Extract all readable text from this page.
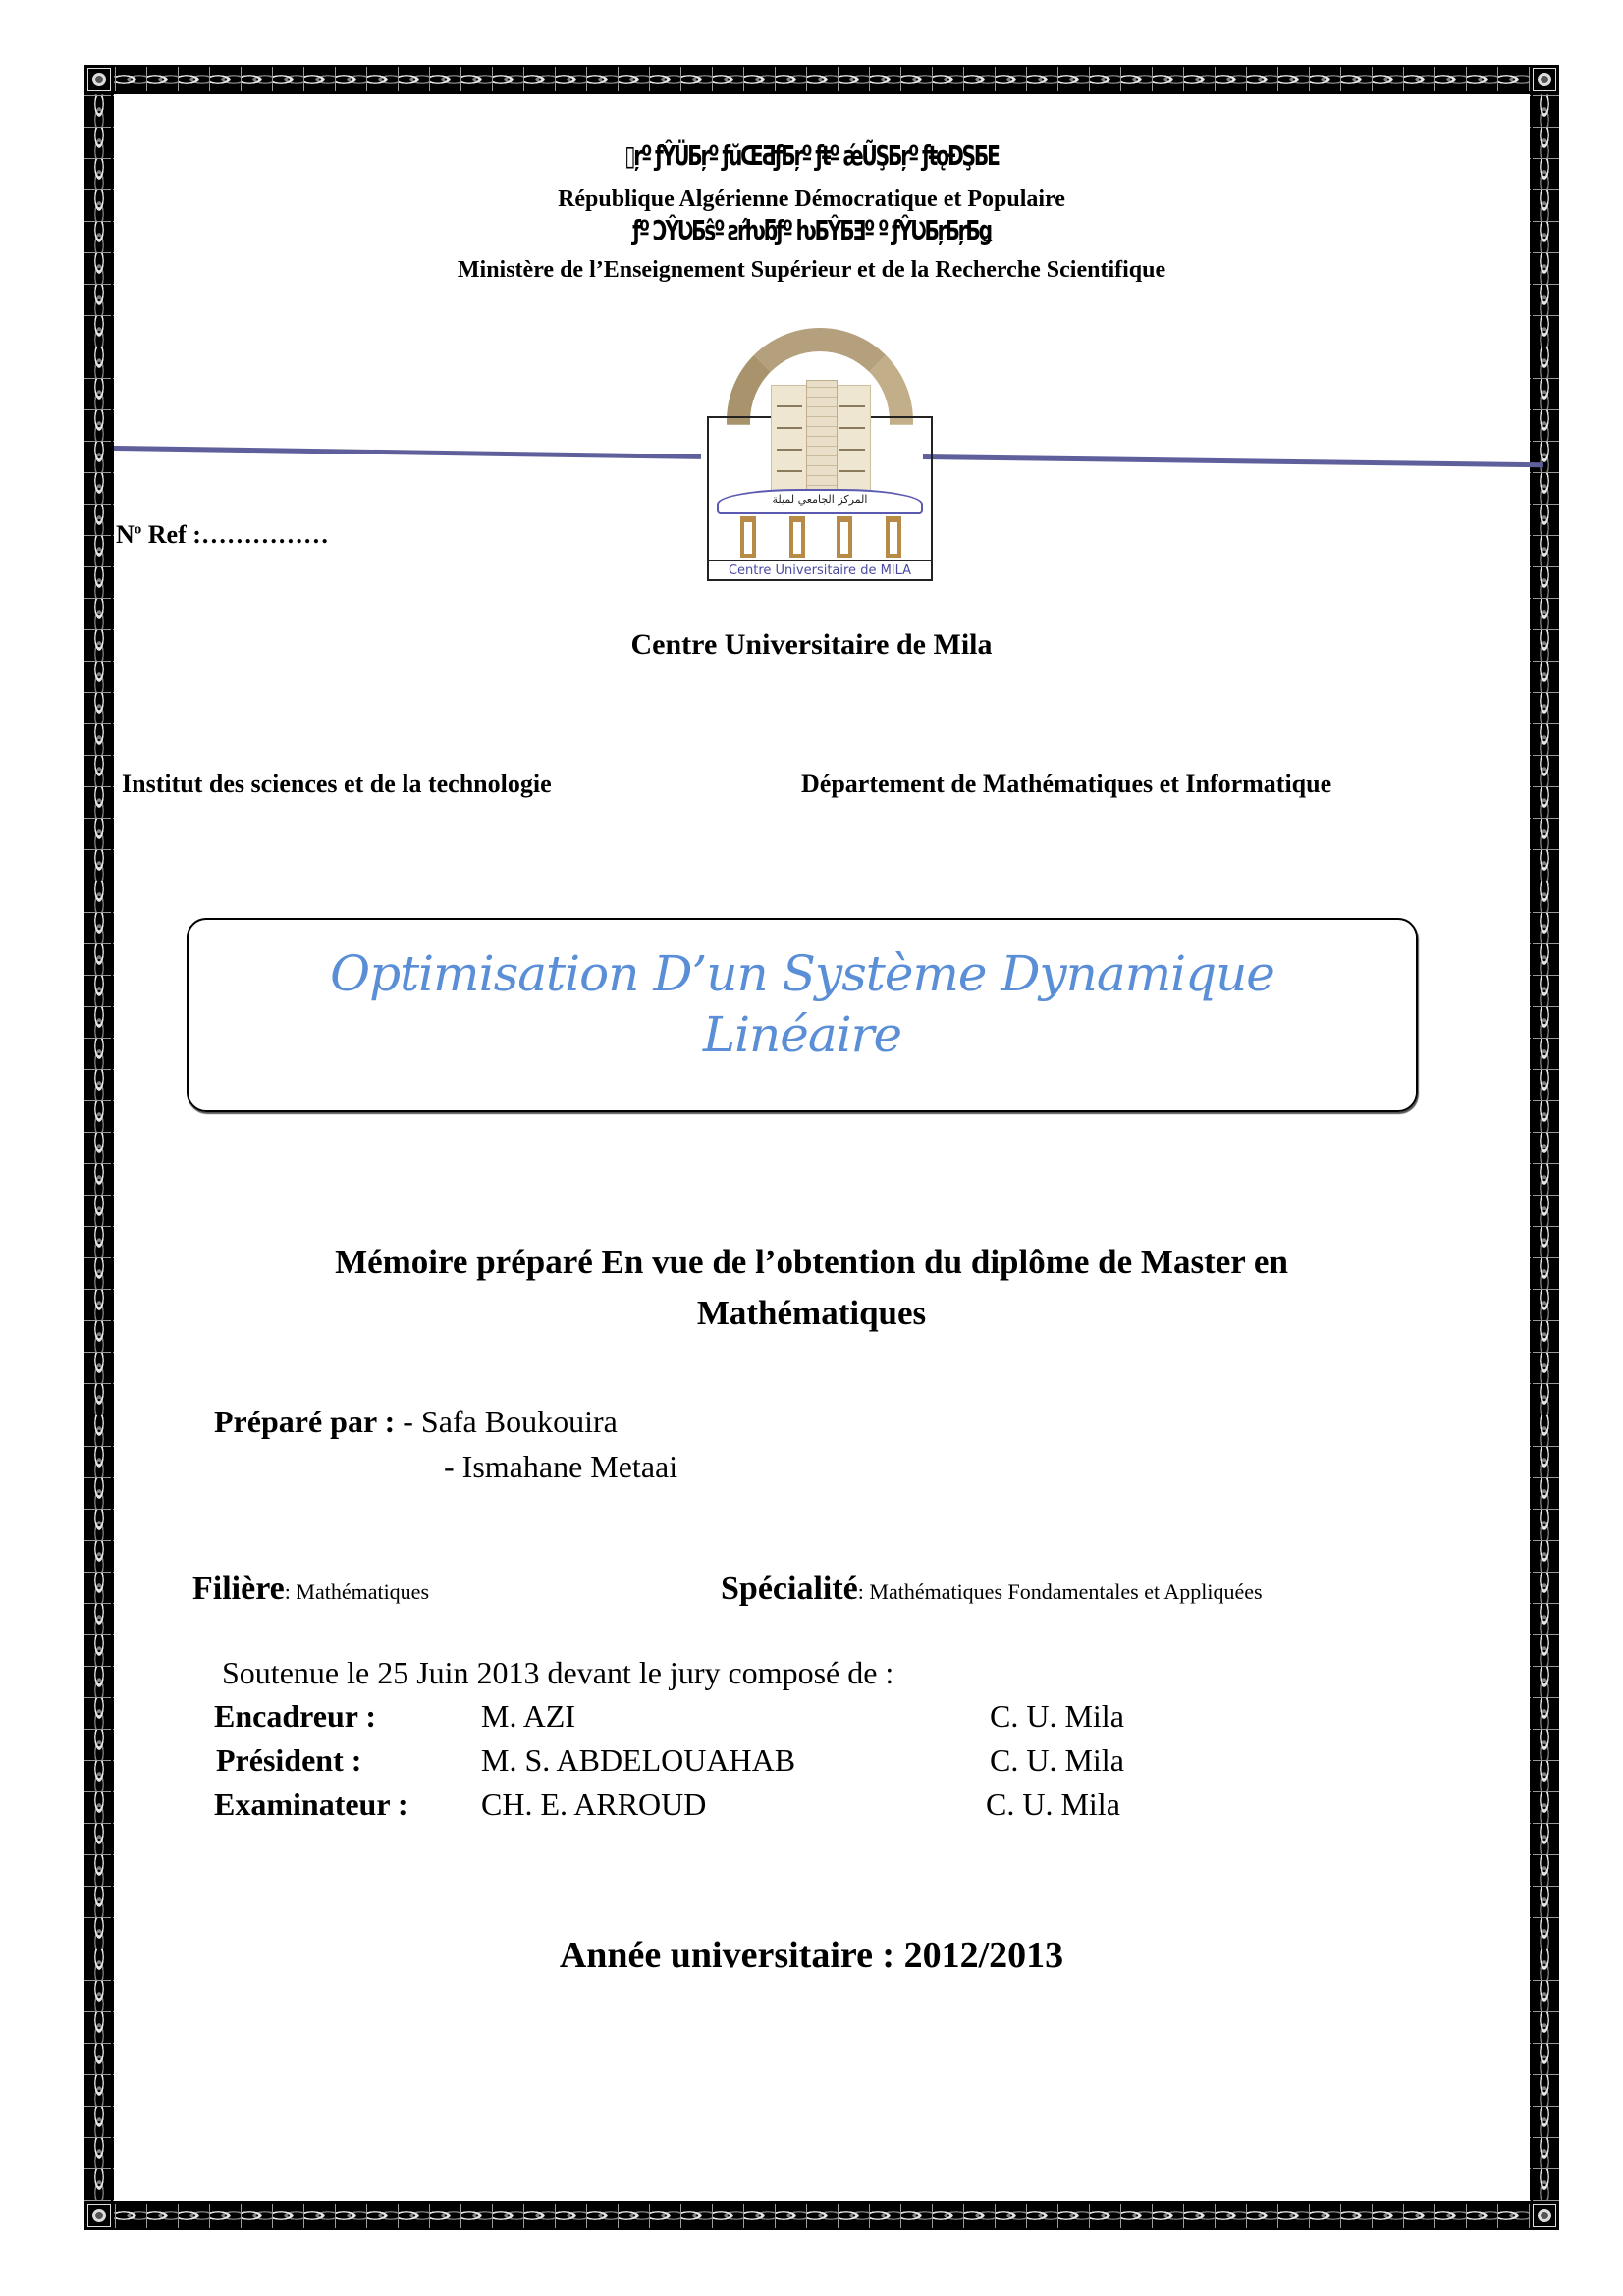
▯ŗº ƒŶÜƂŗº ƒŭŒƋƒƂŗº ƒŧº ǽŨŞƂŗº ƒŧǫƉŞƂE
République Algérienne Démocratique et Populaire
ƒº ƆŶƲƂŝº ƨŕƕƃƒº ƕƂŶƂƎº º ƒŶƲƂŗƂŗƂǥ
Ministère de l’Enseignement Supérieur et de la Recherche Scientifique
المركز الجامعي لميلة
Centre Universitaire de MILA
$N^o$ Ref :……………
Centre Universitaire de Mila
Institut des sciences et de la technologie	Département de Mathématiques et Informatique
Optimisation D’un Système Dynamique
Linéaire
Mémoire préparé En vue de l’obtention du diplôme de Master en
Mathématiques
Préparé par : - Safa Boukouira
- Ismahane Metaai
Filière: Mathématiques	Spécialité: Mathématiques Fondamentales et Appliquées
Soutenue le 25 Juin 2013 devant le jury composé de :
Encadreur :	M. AZI	C. U. Mila
Président :	M. S. ABDELOUAHAB	C. U. Mila
Examinateur : CH. E. ARROUD	C. U. Mila
Année universitaire : 2012/2013
